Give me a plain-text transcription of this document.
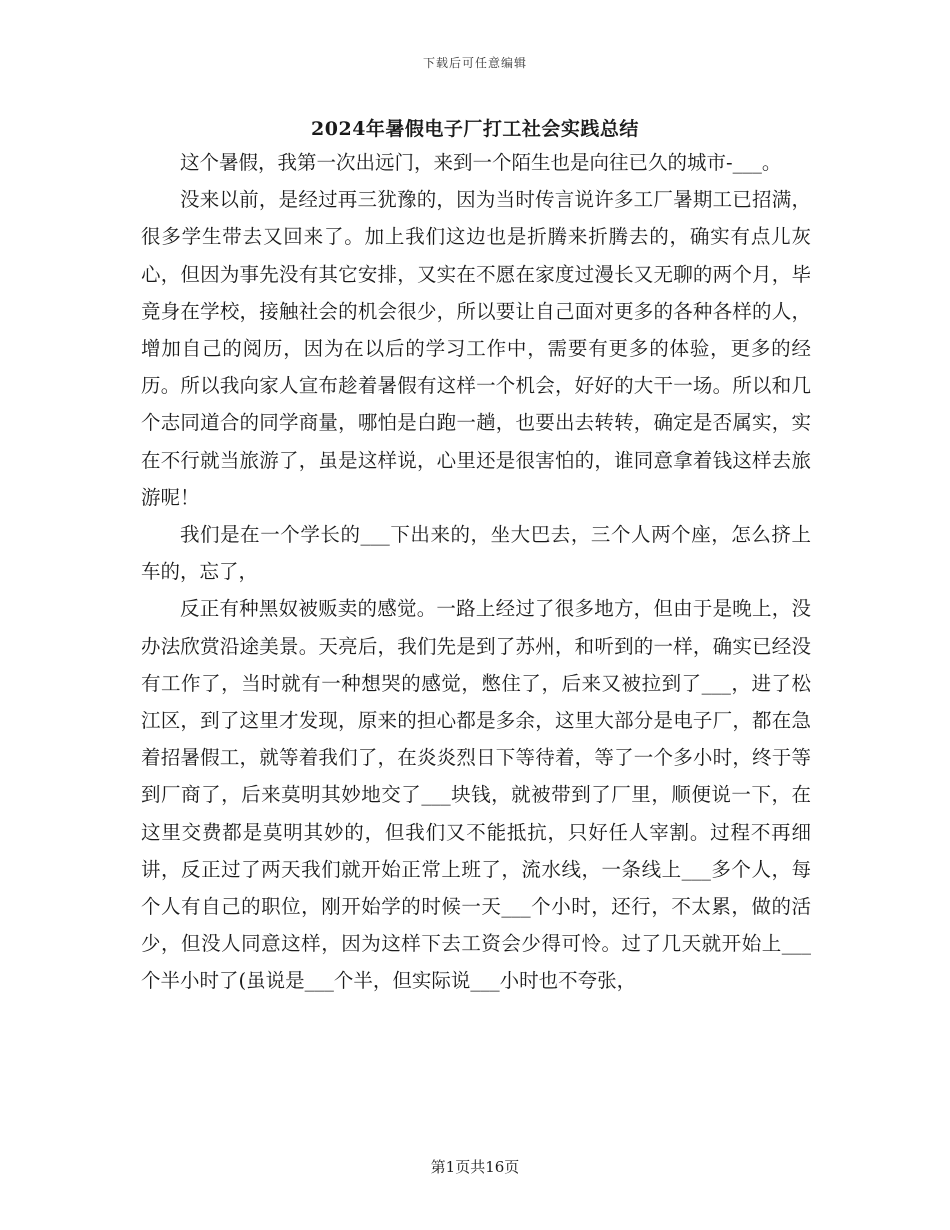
下载后可任意编辑
2024年暑假电子厂打工社会实践总结

这个暑假，我第一次出远门，来到一个陌生也是向往已久的城市-___。

没来以前，是经过再三犹豫的，因为当时传言说许多工厂暑期工已招满，很多学生带去又回来了。加上我们这边也是折腾来折腾去的，确实有点儿灰心，但因为事先没有其它安排，又实在不愿在家度过漫长又无聊的两个月，毕竟身在学校，接触社会的机会很少，所以要让自己面对更多的各种各样的人，增加自己的阅历，因为在以后的学习工作中，需要有更多的体验，更多的经历。所以我向家人宣布趁着暑假有这样一个机会，好好的大干一场。所以和几个志同道合的同学商量，哪怕是白跑一趟，也要出去转转，确定是否属实，实在不行就当旅游了，虽是这样说，心里还是很害怕的，谁同意拿着钱这样去旅游呢！

我们是在一个学长的___下出来的，坐大巴去，三个人两个座，怎么挤上车的，忘了，

反正有种黑奴被贩卖的感觉。一路上经过了很多地方，但由于是晚上，没办法欣赏沿途美景。天亮后，我们先是到了苏州，和听到的一样，确实已经没有工作了，当时就有一种想哭的感觉，憋住了，后来又被拉到了___，进了松江区，到了这里才发现，原来的担心都是多余，这里大部分是电子厂，都在急着招暑假工，就等着我们了，在炎炎烈日下等待着，等了一个多小时，终于等到厂商了，后来莫明其妙地交了___块钱，就被带到了厂里，顺便说一下，在这里交费都是莫明其妙的，但我们又不能抵抗，只好任人宰割。过程不再细讲，反正过了两天我们就开始正常上班了，流水线，一条线上___多个人，每个人有自己的职位，刚开始学的时候一天___个小时，还行，不太累，做的活少，但没人同意这样，因为这样下去工资会少得可怜。过了几天就开始上___个半小时了(虽说是___个半，但实际说___小时也不夸张，

第1页共16页
